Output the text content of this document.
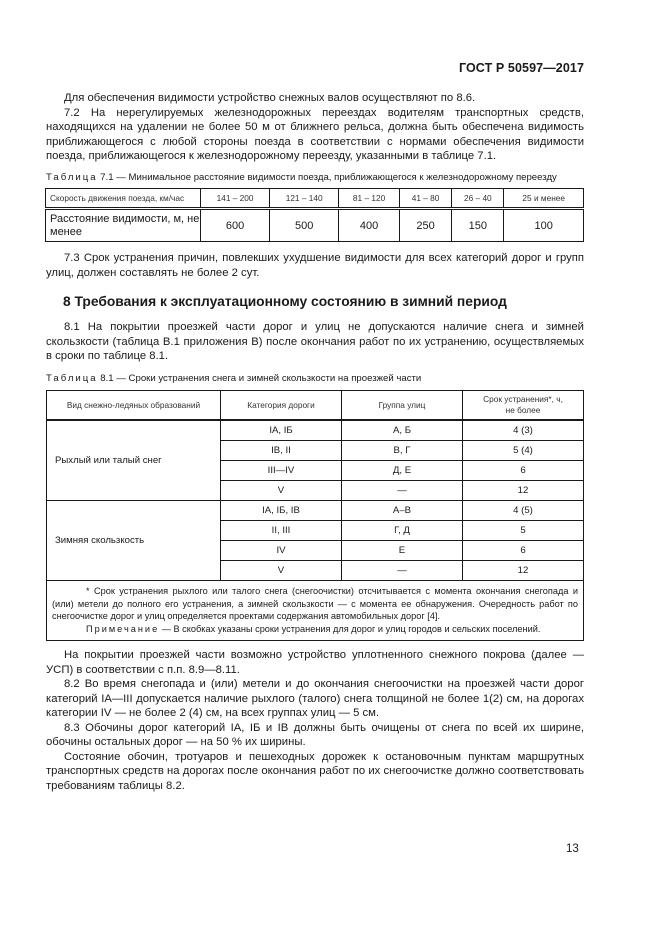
ГОСТ Р 50597—2017

Для обеспечения видимости устройство снежных валов осуществляют по 8.6.

7.2 На нерегулируемых железнодорожных переездах водителям транспортных средств, находящихся на удалении не более 50 м от ближнего рельса, должна быть обеспечена видимость приближающегося с любой стороны поезда в соответствии с нормами обеспечения видимости поезда, приближающегося к железнодорожному переезду, указанными в таблице 7.1.

Таблица 7.1 — Минимальное расстояние видимости поезда, приближающегося к железнодорожному переезду
Скорость движения поезда, км/час	141 – 200	121 – 140	81 – 120	41 – 80	26 – 40	25 и менее
Расстояние видимости, м, не менее	600	500	400	250	150	100

7.3 Срок устранения причин, повлекших ухудшение видимости для всех категорий дорог и групп улиц, должен составлять не более 2 сут.

8 Требования к эксплуатационному состоянию в зимний период

8.1 На покрытии проезжей части дорог и улиц не допускаются наличие снега и зимней скользкости (таблица В.1 приложения В) после окончания работ по их устранению, осуществляемых в сроки по таблице 8.1.

Таблица 8.1 — Сроки устранения снега и зимней скользкости на проезжей части
Вид снежно-ледяных образований	Категория дороги	Группа улиц	Срок устранения*, ч, не более
Рыхлый или талый снег	IА, IБ	А, Б	4 (3)
	IВ, II	В, Г	5 (4)
	III—IV	Д, Е	6
	V	—	12
Зимняя скользкость	IА, IБ, IВ	А–В	4 (5)
	II, III	Г, Д	5
	IV	Е	6
	V	—	12

* Срок устранения рыхлого или талого снега (снегоочистки) отсчитывается с момента окончания снегопада и (или) метели до полного его устранения, а зимней скользкости — с момента ее обнаружения. Очередность работ по снегоочистке дорог и улиц определяется проектами содержания автомобильных дорог [4].

Примечание — В скобках указаны сроки устранения для дорог и улиц городов и сельских поселений.			

На покрытии проезжей части возможно устройство уплотненного снежного покрова (далее — УСП) в соответствии с п.п. 8.9—8.11.

8.2 Во время снегопада и (или) метели и до окончания снегоочистки на проезжей части дорог категорий IА—III допускается наличие рыхлого (талого) снега толщиной не более 1(2) см, на дорогах категории IV — не более 2 (4) см, на всех группах улиц — 5 см.

8.3 Обочины дорог категорий IА, IБ и IВ должны быть очищены от снега по всей их ширине, обочины остальных дорог — на 50 % их ширины.

Состояние обочин, тротуаров и пешеходных дорожек к остановочным пунктам маршрутных транспортных средств на дорогах после окончания работ по их снегоочистке должно соответствовать требованиям таблицы 8.2.

13
